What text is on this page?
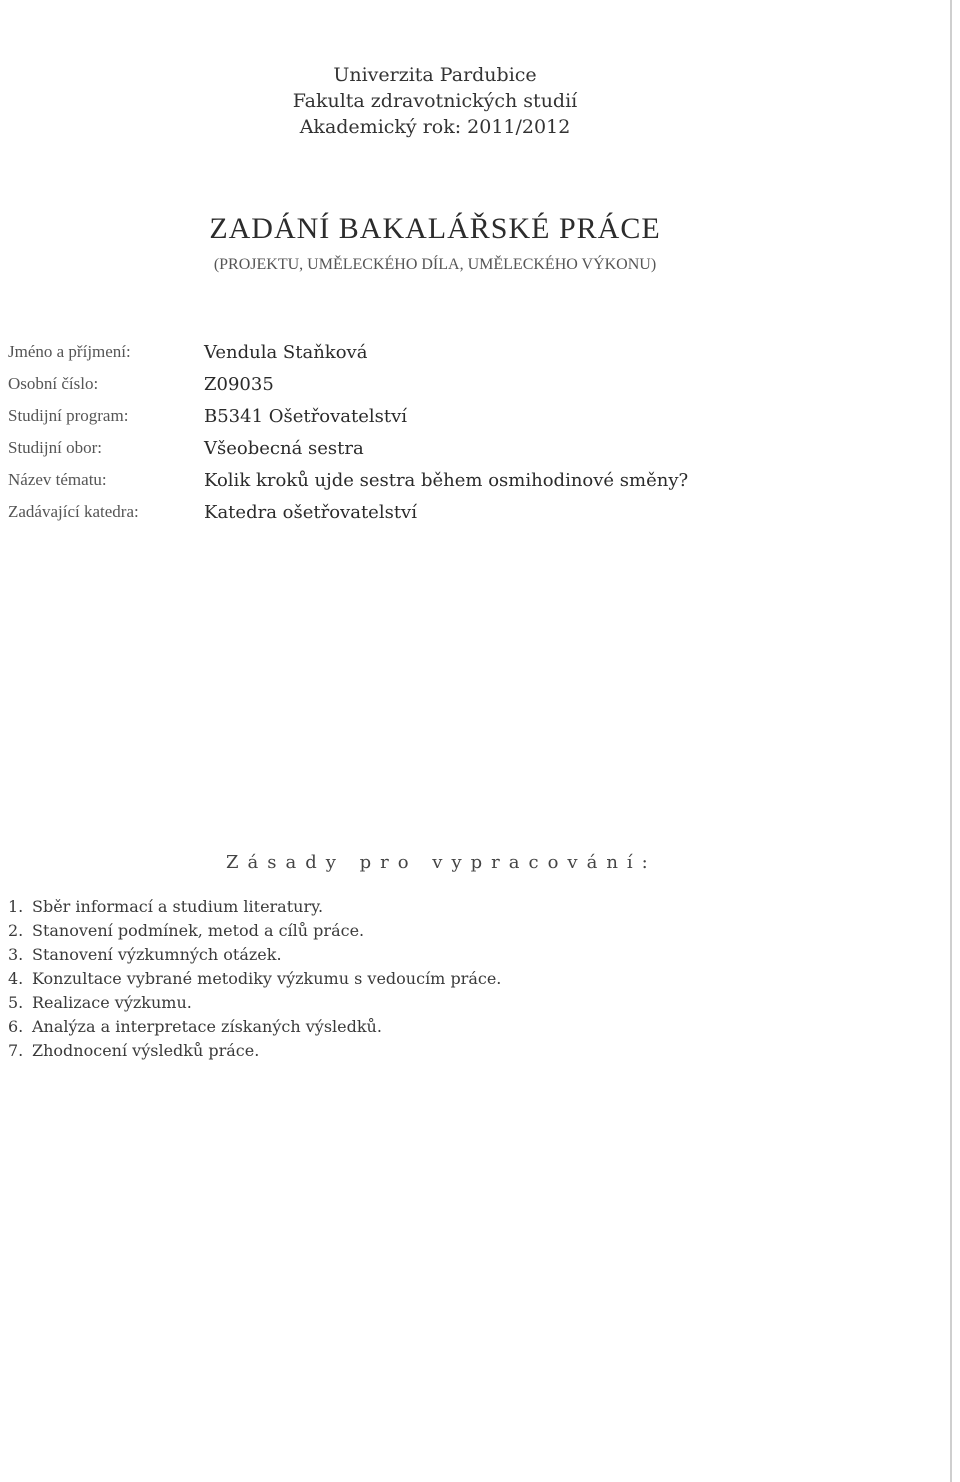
Univerzita Pardubice
Fakulta zdravotnických studií
Akademický rok: 2011/2012
ZADÁNÍ BAKALÁŘSKÉ PRÁCE
(PROJEKTU, UMĚLECKÉHO DÍLA, UMĚLECKÉHO VÝKONU)
Jméno a příjmení:	Vendula Staňková
Osobní číslo:	Z09035
Studijní program:	B5341 Ošetřovatelství
Studijní obor:	Všeobecná sestra
Název tématu:	Kolik kroků ujde sestra během osmihodinové směny?
Zadávající katedra:	Katedra ošetřovatelství
Zásady pro vypracování:
1. Sběr informací a studium literatury.
2. Stanovení podmínek, metod a cílů práce.
3. Stanovení výzkumných otázek.
4. Konzultace vybrané metodiky výzkumu s vedoucím práce.
5. Realizace výzkumu.
6. Analýza a interpretace získaných výsledků.
7. Zhodnocení výsledků práce.
